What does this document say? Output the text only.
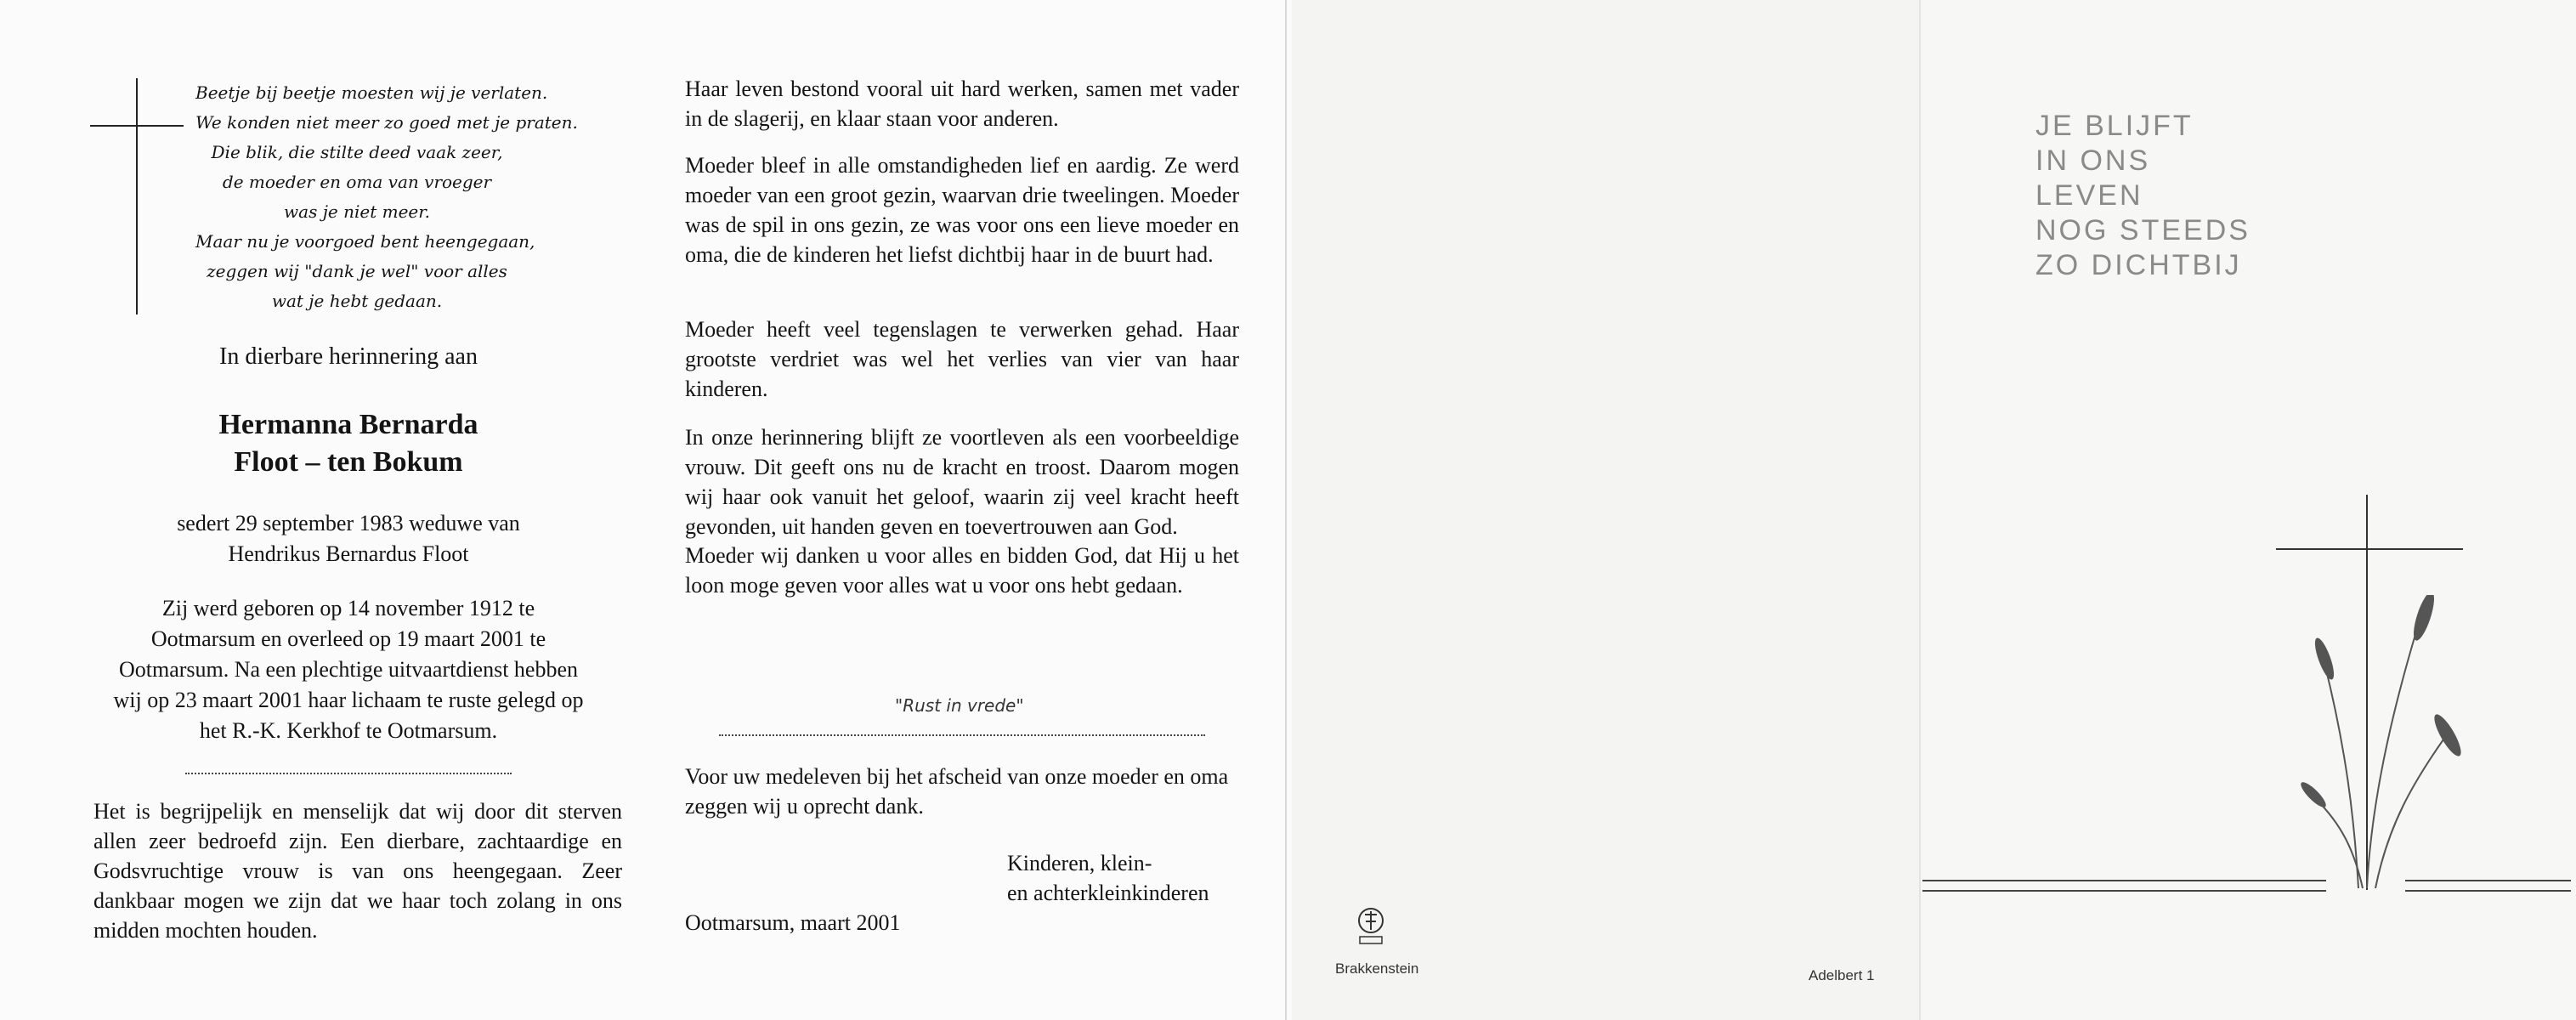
Beetje bij beetje moesten wij je verlaten.
We konden niet meer zo goed met je praten.
Die blik, die stilte deed vaak zeer,
de moeder en oma van vroeger
was je niet meer.
Maar nu je voorgoed bent heengegaan,
zeggen wij "dank je wel" voor alles
wat je hebt gedaan.
In dierbare herinnering aan
Hermanna Bernarda
Floot – ten Bokum
sedert 29 september 1983 weduwe van
Hendrikus Bernardus Floot
Zij werd geboren op 14 november 1912 te
Ootmarsum en overleed op 19 maart 2001 te
Ootmarsum. Na een plechtige uitvaartdienst hebben
wij op 23 maart 2001 haar lichaam te ruste gelegd op
het R.-K. Kerkhof te Ootmarsum.
Het is begrijpelijk en menselijk dat wij door dit sterven allen zeer bedroefd zijn. Een dierbare, zachtaardige en Godsvruchtige vrouw is van ons heengegaan. Zeer dankbaar mogen we zijn dat we haar toch zolang in ons midden mochten houden.
Haar leven bestond vooral uit hard werken, samen met vader in de slagerij, en klaar staan voor anderen.
Moeder bleef in alle omstandigheden lief en aardig. Ze werd moeder van een groot gezin, waarvan drie tweelingen. Moeder was de spil in ons gezin, ze was voor ons een lieve moeder en oma, die de kinderen het liefst dichtbij haar in de buurt had.
Moeder heeft veel tegenslagen te verwerken gehad. Haar grootste verdriet was wel het verlies van vier van haar kinderen.
In onze herinnering blijft ze voortleven als een voorbeeldige vrouw. Dit geeft ons nu de kracht en troost. Daarom mogen wij haar ook vanuit het geloof, waarin zij veel kracht heeft gevonden, uit handen geven en toevertrouwen aan God.
Moeder wij danken u voor alles en bidden God, dat Hij u het loon moge geven voor alles wat u voor ons hebt gedaan.
"Rust in vrede"
Voor uw medeleven bij het afscheid van onze moeder en oma zeggen wij u oprecht dank.
Kinderen, klein-
en achterkleinkinderen
Ootmarsum, maart 2001
Brakkenstein	Adelbert 1
JE BLIJFT
IN ONS
LEVEN
NOG STEEDS
ZO DICHTBIJ
